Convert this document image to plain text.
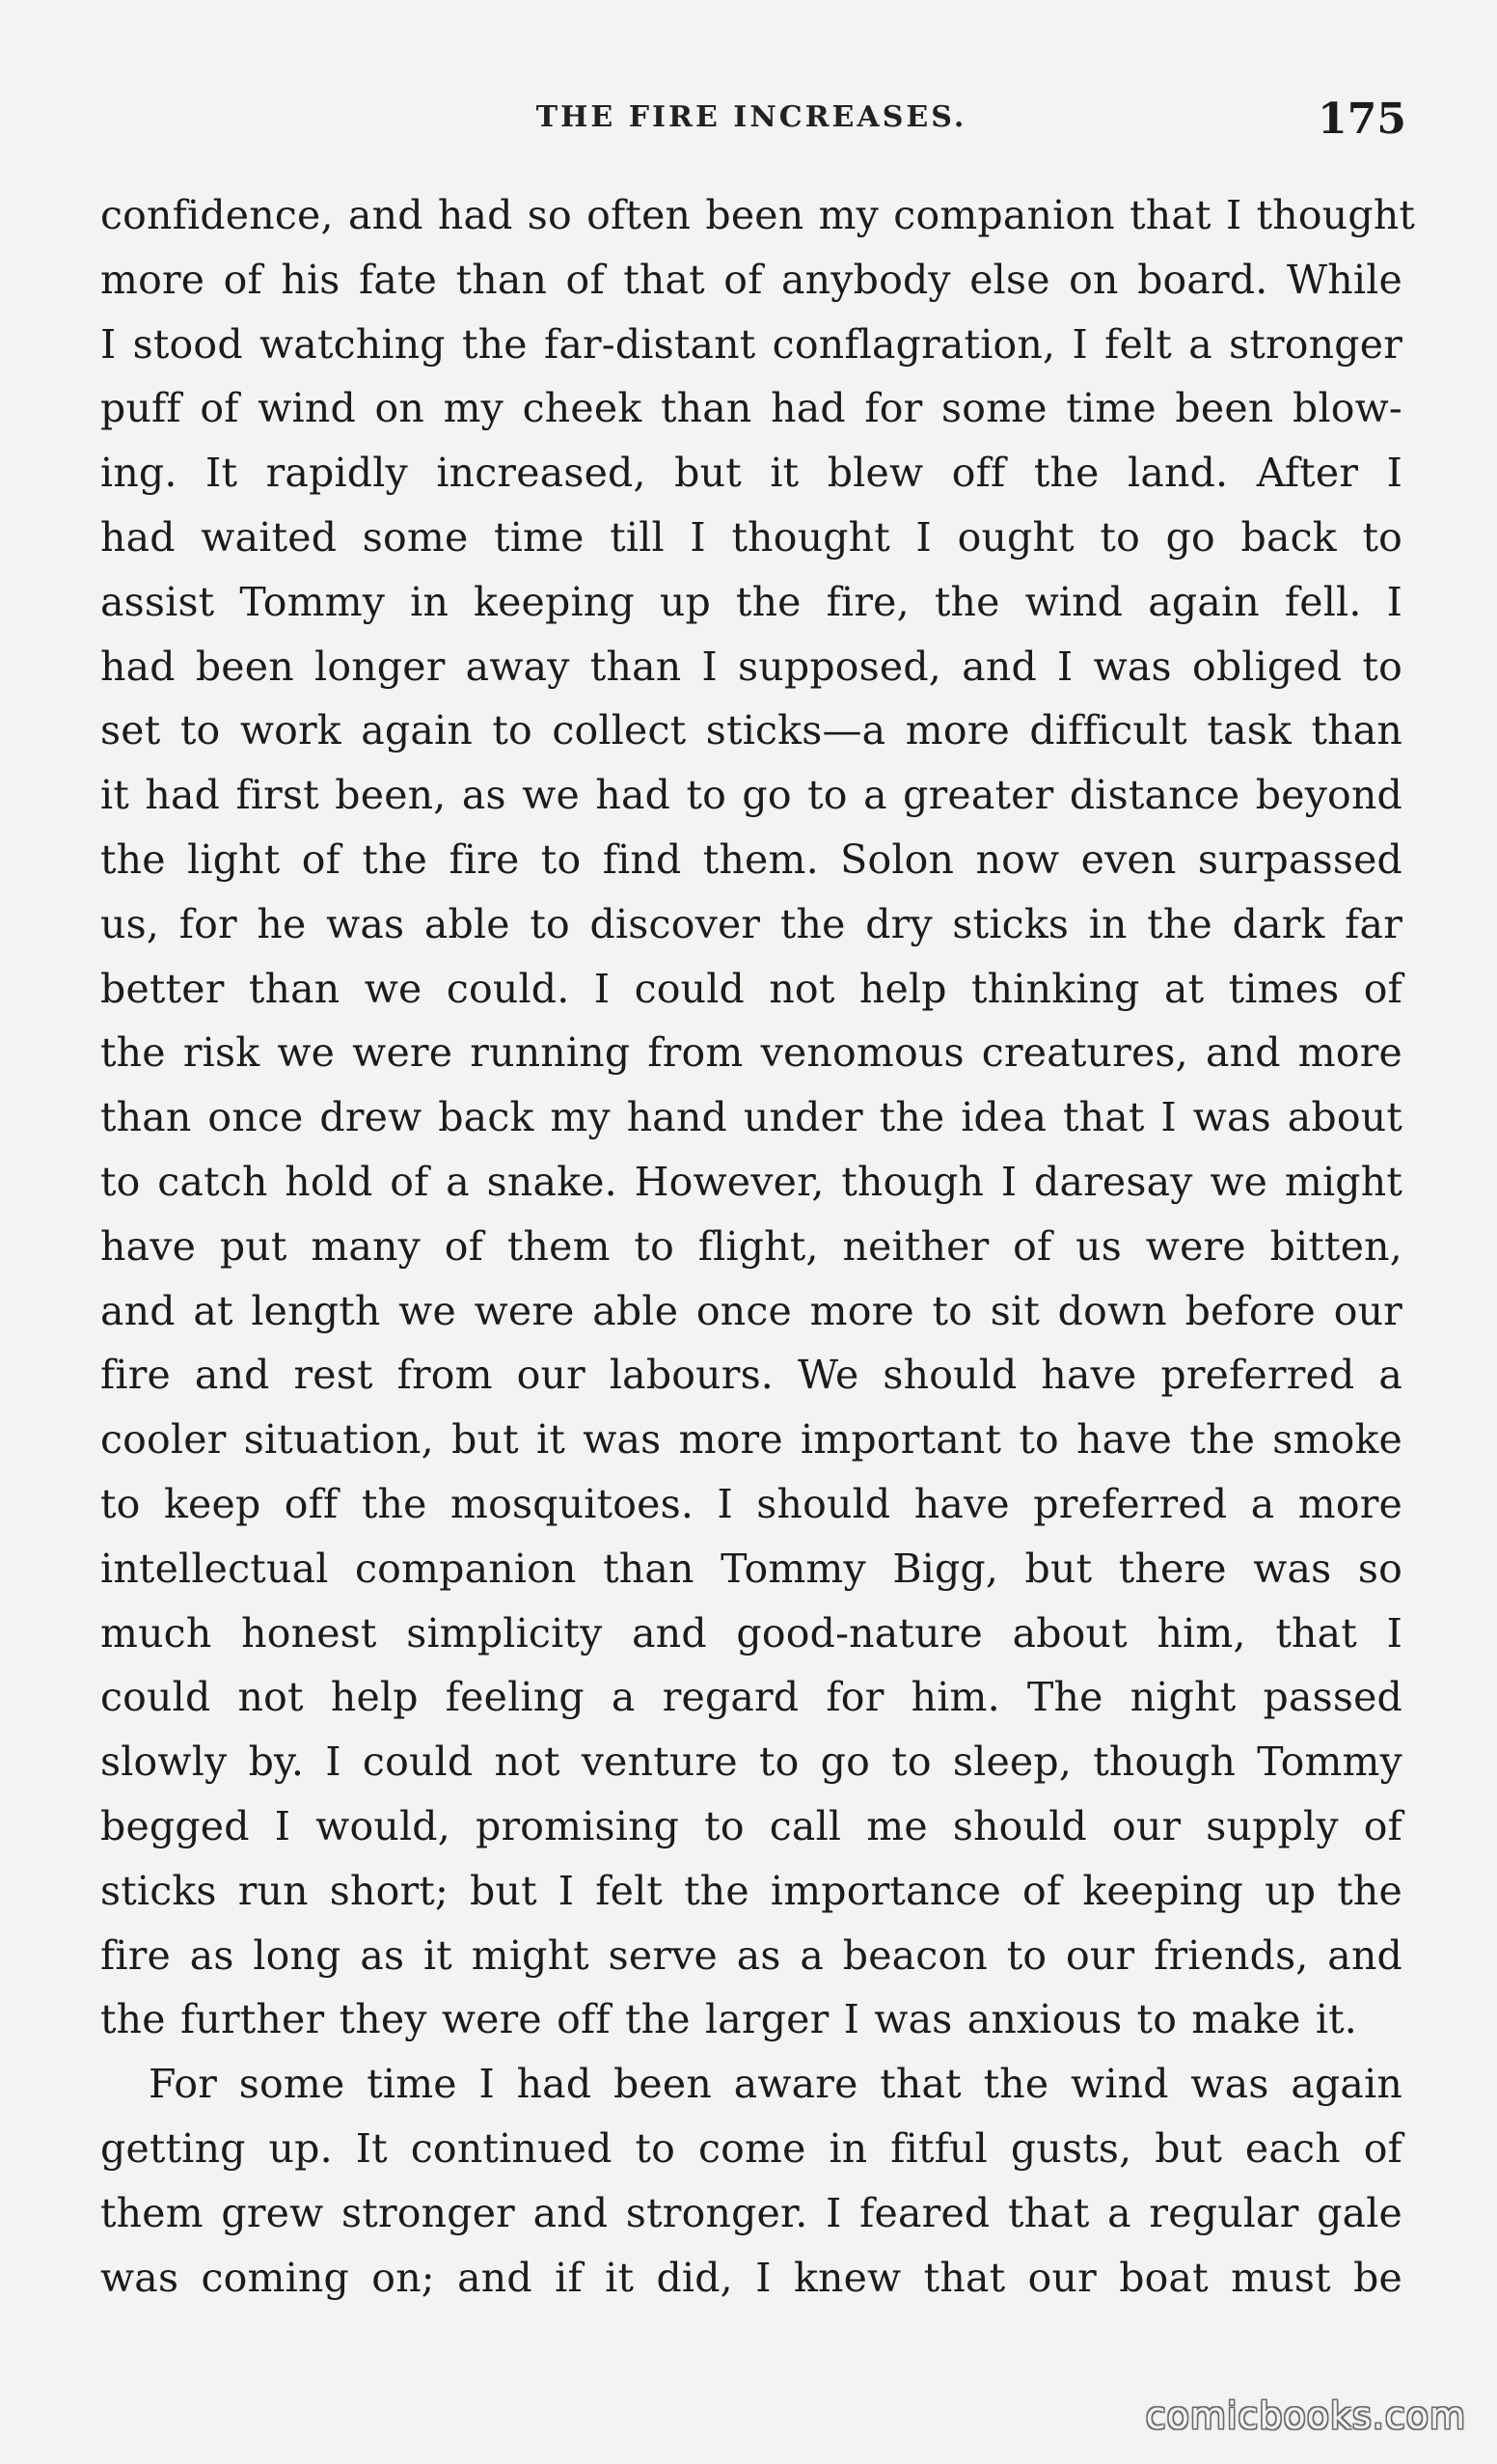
THE FIRE INCREASES.	175
confidence, and had so often been my companion that I thought
more of his fate than of that of anybody else on board. While
I stood watching the far-distant conflagration, I felt a stronger
puff of wind on my cheek than had for some time been blow-
ing. It rapidly increased, but it blew off the land. After I
had waited some time till I thought I ought to go back to
assist Tommy in keeping up the fire, the wind again fell. I
had been longer away than I supposed, and I was obliged to
set to work again to collect sticks—a more difficult task than
it had first been, as we had to go to a greater distance beyond
the light of the fire to find them. Solon now even surpassed
us, for he was able to discover the dry sticks in the dark far
better than we could. I could not help thinking at times of
the risk we were running from venomous creatures, and more
than once drew back my hand under the idea that I was about
to catch hold of a snake. However, though I daresay we might
have put many of them to flight, neither of us were bitten,
and at length we were able once more to sit down before our
fire and rest from our labours. We should have preferred a
cooler situation, but it was more important to have the smoke
to keep off the mosquitoes. I should have preferred a more
intellectual companion than Tommy Bigg, but there was so
much honest simplicity and good-nature about him, that I
could not help feeling a regard for him. The night passed
slowly by. I could not venture to go to sleep, though Tommy
begged I would, promising to call me should our supply of
sticks run short; but I felt the importance of keeping up the
fire as long as it might serve as a beacon to our friends, and
the further they were off the larger I was anxious to make it.
For some time I had been aware that the wind was again
getting up. It continued to come in fitful gusts, but each of
them grew stronger and stronger. I feared that a regular gale
was coming on; and if it did, I knew that our boat must be
comicbooks.com
